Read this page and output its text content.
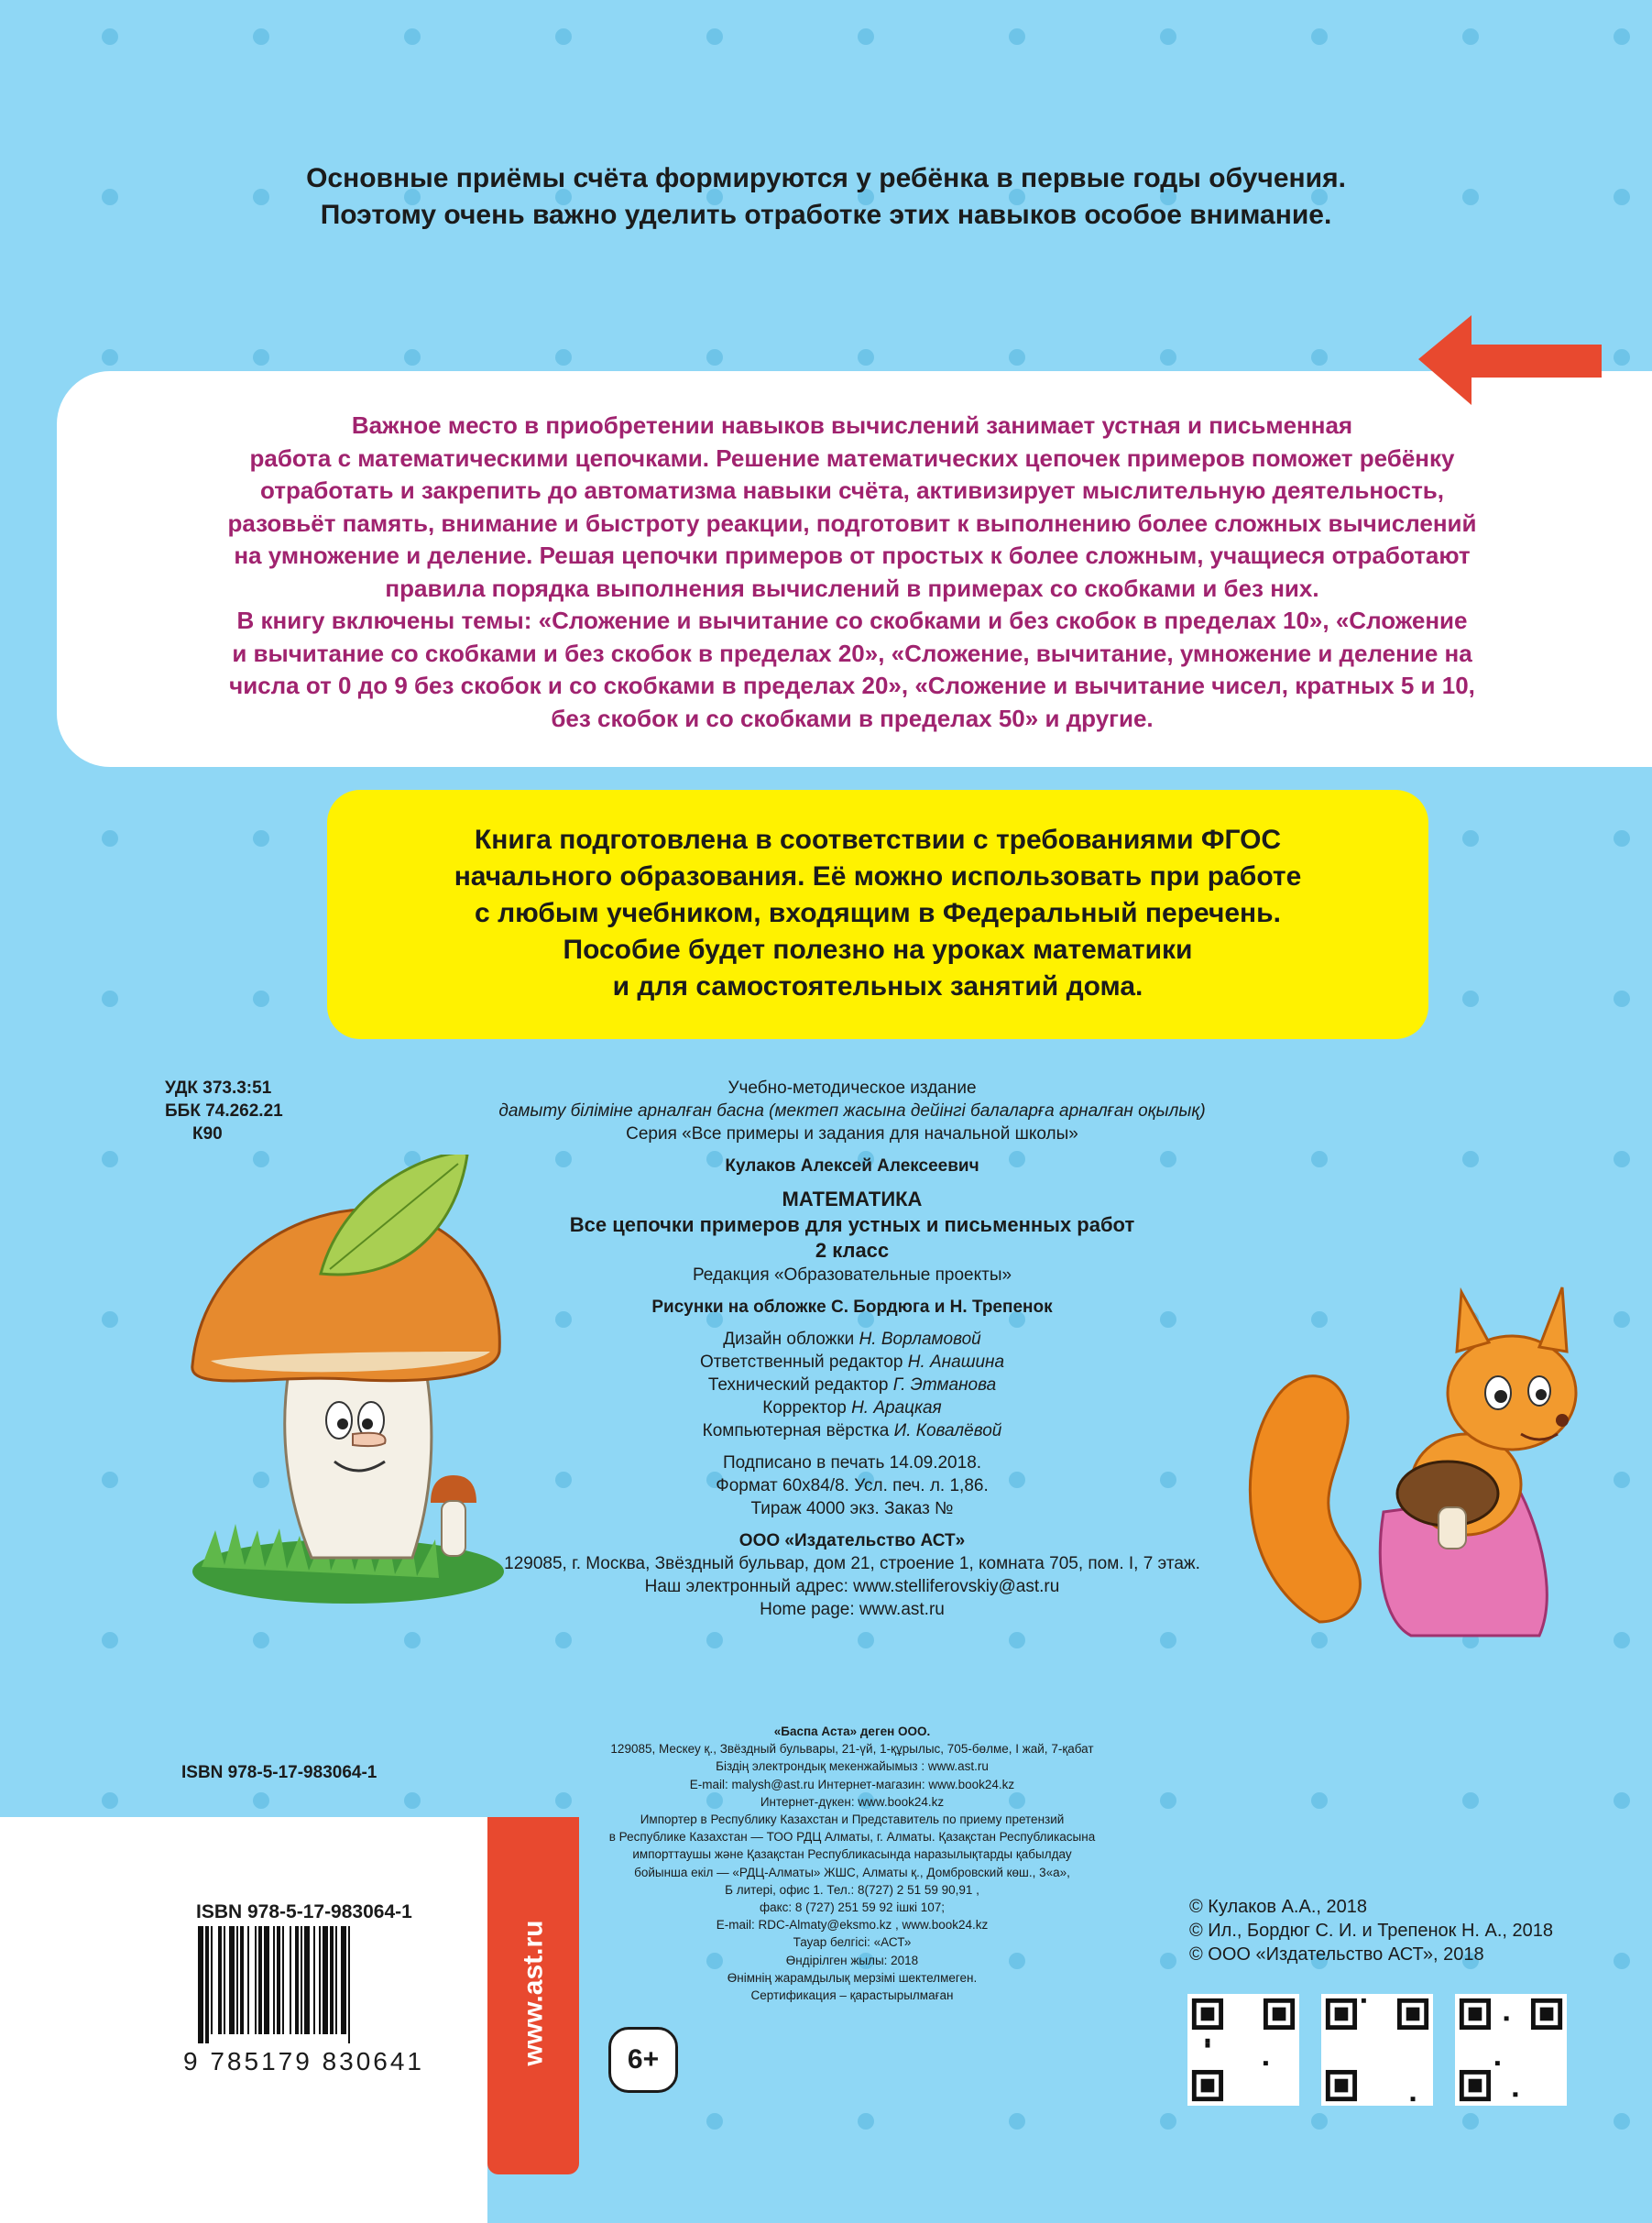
Основные приёмы счёта формируются у ребёнка в первые годы обучения.
Поэтому очень важно уделить отработке этих навыков особое внимание.
Важное место в приобретении навыков вычислений занимает устная и письменная
работа с математическими цепочками. Решение математических цепочек примеров поможет ребёнку
отработать и закрепить до автоматизма навыки счёта, активизирует мыслительную деятельность,
разовьёт память, внимание и быстроту реакции, подготовит к выполнению более сложных вычислений
на умножение и деление. Решая цепочки примеров от простых к более сложным, учащиеся отработают
правила порядка выполнения вычислений в примерах со скобками и без них.
В книгу включены темы: «Сложение и вычитание со скобками и без скобок в пределах 10», «Сложение
и вычитание со скобками и без скобок в пределах 20», «Сложение, вычитание, умножение и деление на
числа от 0 до 9 без скобок и со скобками в пределах 20», «Сложение и вычитание чисел, кратных 5 и 10,
без скобок и со скобками в пределах 50» и другие.
Книга подготовлена в соответствии с требованиями ФГОС
начального образования. Её можно использовать при работе
с любым учебником, входящим в Федеральный перечень.
Пособие будет полезно на уроках математики
и для самостоятельных занятий дома.
УДК 373.3:51
ББК 74.262.21
К90
Учебно-методическое издание
дамыту біліміне арналған басна (мектеп жасына дейінгі балаларға арналған оқылық)
Серия «Все примеры и задания для начальной школы»
Кулаков Алексей Алексеевич
МАТЕМАТИКА
Все цепочки примеров для устных и письменных работ
2 класс
Редакция «Образовательные проекты»
Рисунки на обложке С. Бордюга и Н. Трепенок
Дизайн обложки Н. Ворламовой
Ответственный редактор Н. Анашина
Технический редактор Г. Этманова
Корректор Н. Арацкая
Компьютерная вёрстка И. Ковалёвой
Подписано в печать 14.09.2018.
Формат 60x84/8. Усл. печ. л. 1,86.
Тираж 4000 экз. Заказ №
ООО «Издательство АСТ»
129085, г. Москва, Звёздный бульвар, дом 21, строение 1, комната 705, пом. I, 7 этаж.
Наш электронный адрес: www.stelliferovskiy@ast.ru
Home page: www.ast.ru
ISBN 978-5-17-983064-1
«Баспа Аста» деген ООО.
129085, Мескеу қ., Звёздный бульвары, 21-үй, 1-құрылыс, 705-бөлме, I жай, 7-қабат
Біздің электрондық мекенжайымыз : www.ast.ru
E-mail: malysh@ast.ru Интернет-магазин: www.book24.kz
Интернет-дүкен: www.book24.kz
Импортер в Республику Казахстан и Представитель по приему претензий
в Республике Казахстан — ТОО РДЦ Алматы, г. Алматы. Қазақстан Республикасына
импорттаушы және Қазақстан Республикасында наразылықтарды қабылдау
бойынша екіл — «РДЦ-Алматы» ЖШС, Алматы қ., Домбровский көш., 3«а»,
Б литері, офис 1. Тел.: 8(727) 2 51 59 90,91 ,
факс: 8 (727) 251 59 92 ішкі 107;
E-mail: RDC-Almaty@eksmo.kz , www.book24.kz
Тауар белгісі: «АСТ»
Өндірілген жылы: 2018
Өнімнің жарамдылық мерзімі шектелмеген.
Сертификация – қарастырылмаған
www.ast.ru
ISBN 978-5-17-983064-1
9 785179 830641	6+
© Кулаков А.А., 2018
© Ил., Бордюг С. И. и Трепенок Н. А., 2018
© ООО «Издательство АСТ», 2018
